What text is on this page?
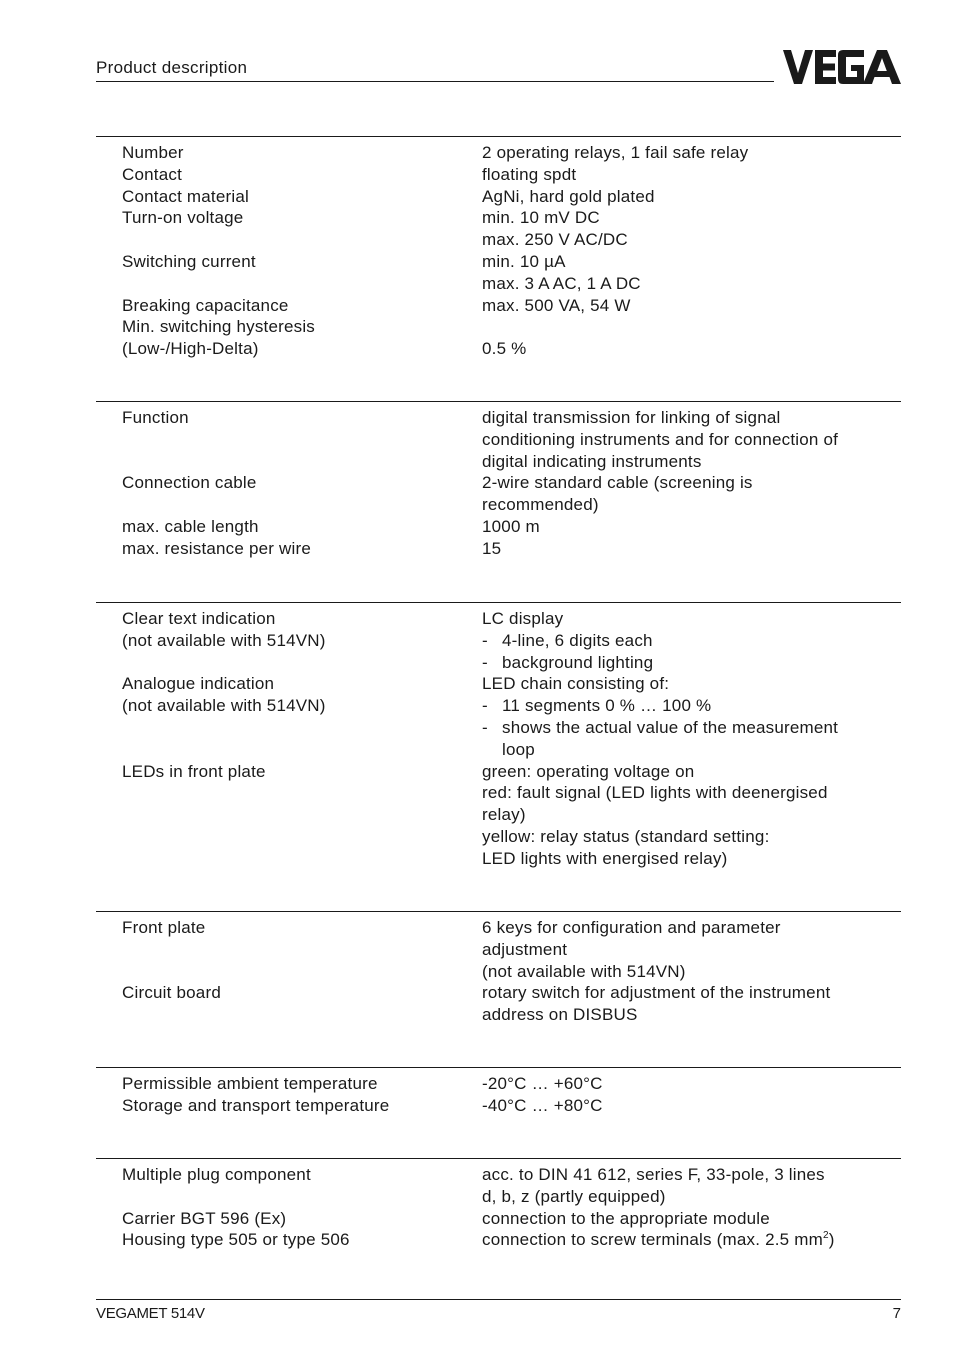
Product description
Number	2 operating relays, 1 fail safe relay
Contact	floating spdt
Contact material	AgNi, hard gold plated
Turn-on voltage	min. 10 mV DC
max. 250 V AC/DC
Switching current	min. 10 µA
max. 3 A AC, 1 A DC
Breaking capacitance	max. 500 VA, 54 W
Min. switching hysteresis
(Low-/High-Delta)	0.5 %
Function	digital transmission for linking of signal
conditioning instruments and for connection of
digital indicating instruments
Connection cable	2-wire standard cable (screening is
recommended)
max. cable length	1000 m
max. resistance per wire	15
Clear text indication	LC display
(not available with 514VN)	- 4-line, 6 digits each
- background lighting
Analogue indication	LED chain consisting of:
(not available with 514VN)	- 11 segments 0 % … 100 %
- shows the actual value of the measurement
loop
LEDs in front plate	green: operating voltage on
red: fault signal (LED lights with deenergised
relay)
yellow: relay status (standard setting:
LED lights with energised relay)
Front plate	6 keys for configuration and parameter
adjustment
(not available with 514VN)
Circuit board	rotary switch for adjustment of the instrument
address on DISBUS
Permissible ambient temperature	-20°C … +60°C
Storage and transport temperature	-40°C … +80°C
Multiple plug component	acc. to DIN 41 612, series F, 33-pole, 3 lines
d, b, z (partly equipped)
Carrier BGT 596 (Ex)	connection to the appropriate module
Housing type 505 or type 506	connection to screw terminals (max. 2.5 $mm^2$)
VEGAMET 514V	7
